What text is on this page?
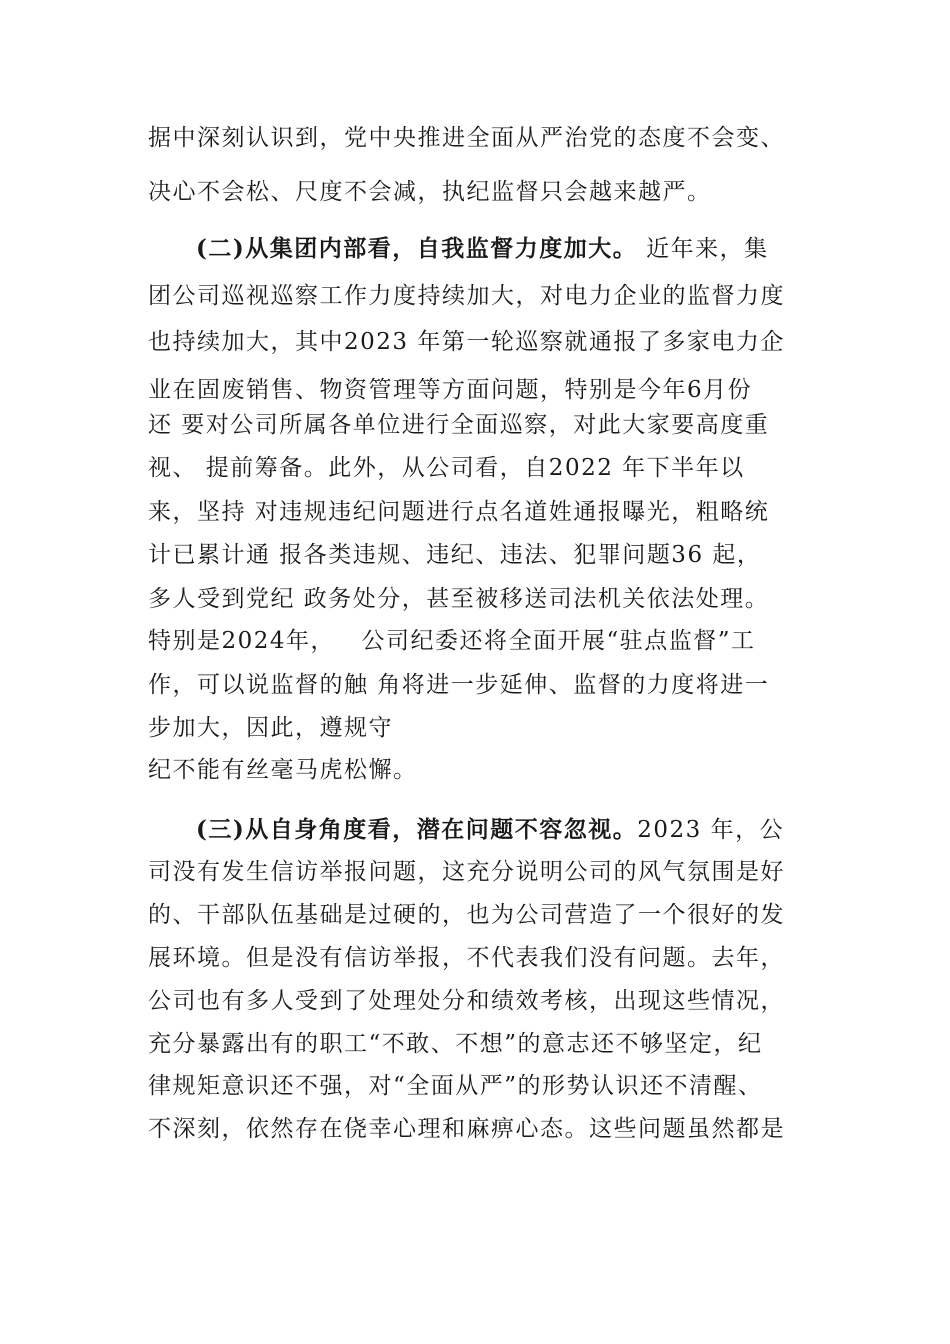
据中深刻认识到，党中央推进全面从严治党的态度不会变、
决心不会松、尺度不会减，执纪监督只会越来越严。
(二)从集团内部看，自我监督力度加大。 近年来，集
团公司巡视巡察工作力度持续加大，对电力企业的监督力度
也持续加大，其中2023 年第一轮巡察就通报了多家电力企
业在固废销售、物资管理等方面问题，特别是今年6月份
还 要对公司所属各单位进行全面巡察，对此大家要高度重
视、 提前筹备。此外，从公司看，自2022 年下半年以
来，坚持 对违规违纪问题进行点名道姓通报曝光，粗略统
计已累计通 报各类违规、违纪、违法、犯罪问题36 起，
多人受到党纪 政务处分，甚至被移送司法机关依法处理。
特别是2024年，   公司纪委还将全面开展“驻点监督”工
作，可以说监督的触 角将进一步延伸、监督的力度将进一
步加大，因此，遵规守
纪不能有丝毫马虎松懈。
(三)从自身角度看，潜在问题不容忽视。2023 年，公
司没有发生信访举报问题，这充分说明公司的风气氛围是好
的、干部队伍基础是过硬的，也为公司营造了一个很好的发
展环境。但是没有信访举报，不代表我们没有问题。去年，
公司也有多人受到了处理处分和绩效考核，出现这些情况，
充分暴露出有的职工“不敢、不想”的意志还不够坚定，纪
律规矩意识还不强，对“全面从严”的形势认识还不清醒、
不深刻，依然存在侥幸心理和麻痹心态。这些问题虽然都是
